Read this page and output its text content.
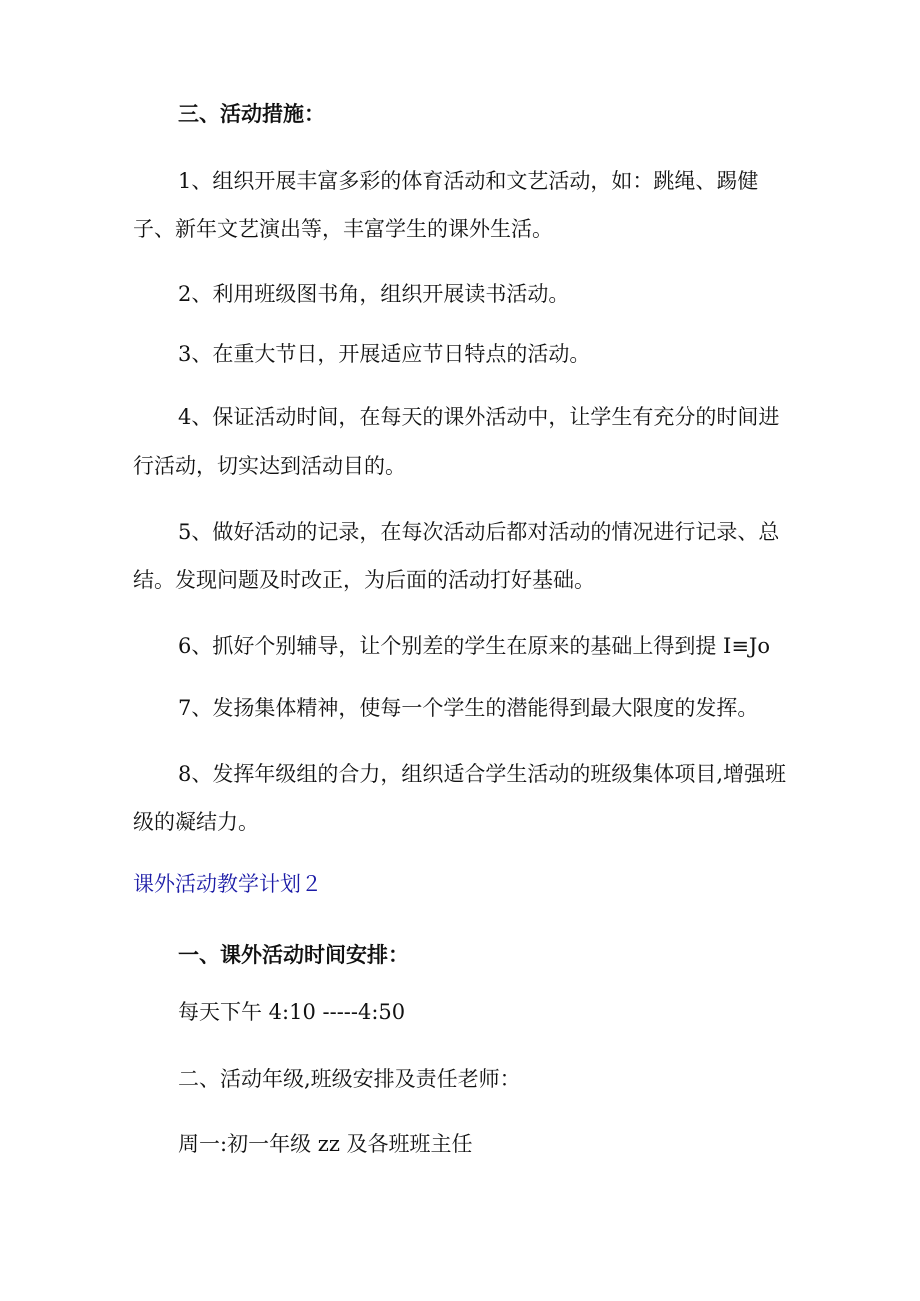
三、活动措施：
1、组织开展丰富多彩的体育活动和文艺活动，如：跳绳、踢健
子、新年文艺演出等，丰富学生的课外生活。
2、利用班级图书角，组织开展读书活动。
3、在重大节日，开展适应节日特点的活动。
4、保证活动时间，在每天的课外活动中，让学生有充分的时间进
行活动，切实达到活动目的。
5、做好活动的记录，在每次活动后都对活动的情况进行记录、总
结。发现问题及时改正，为后面的活动打好基础。
6、抓好个别辅导，让个别差的学生在原来的基础上得到提 I≡Jo
7、发扬集体精神，使每一个学生的潜能得到最大限度的发挥。
8、发挥年级组的合力，组织适合学生活动的班级集体项目,增强班
级的凝结力。
课外活动教学计划２
一、课外活动时间安排：
每天下午 4:10 -----4:50
二、活动年级,班级安排及责任老师：
周一:初一年级 zz 及各班班主任
